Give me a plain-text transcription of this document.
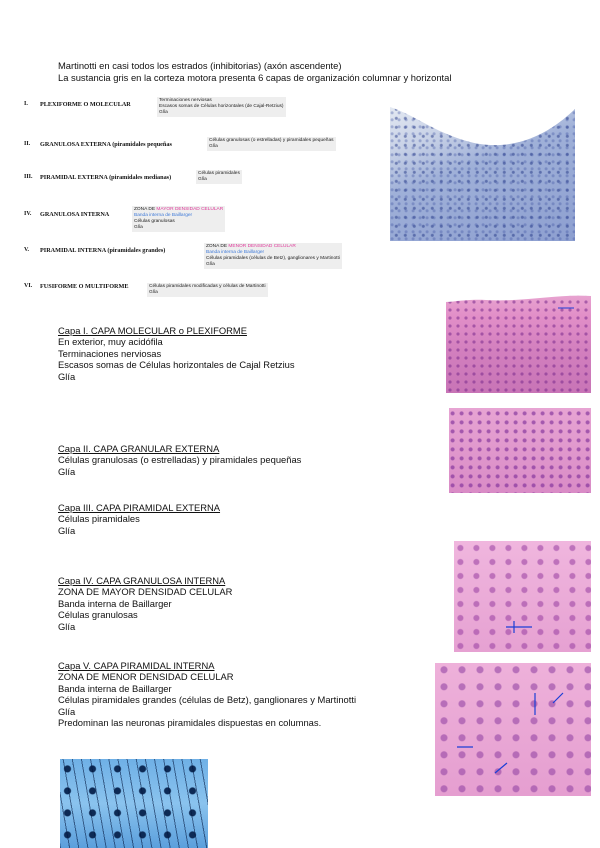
Martinotti en casi todos los estrados (inhibitorias) (axón ascendente)
La sustancia gris en la corteza motora presenta 6 capas de organización columnar y horizontal
I. PLEXIFORME O MOLECULAR
Terminaciones nerviosas
Escasos somas de Células horizontales (de Cajal-Retzius)
Glía
II. GRANULOSA EXTERNA (piramidales pequeñas
Células granulosas (o estrelladas) y piramidales pequeñas
Glía
III. PIRAMIDAL EXTERNA (piramidales medianas)
Células piramidales
Glía
IV. GRANULOSA INTERNA
ZONA DE MAYOR DENSIDAD CELULAR
Banda interna de Baillarger
Células granulosas
Glía
V. PIRAMIDAL INTERNA (piramidales grandes)
ZONA DE MENOR DENSIDAD CELULAR
Banda interna de Baillarger
Células piramidales (células de Betz), ganglionares y Martinotti
Glía
VI. FUSIFORME O MULTIFORME	Células piramidales modificadas y células de Martinotti
Glía
Capa I. CAPA MOLECULAR o PLEXIFORME
En exterior, muy acidófila
Terminaciones nerviosas
Escasos somas de Células horizontales de Cajal Retzius
Glía
Capa II. CAPA GRANULAR EXTERNA
Células granulosas (o estrelladas) y piramidales pequeñas
Glía
Capa III. CAPA PIRAMIDAL EXTERNA
Células piramidales
Glía
Capa IV. CAPA GRANULOSA INTERNA
ZONA DE MAYOR DENSIDAD CELULAR
Banda interna de Baillarger
Células granulosas
Glía
Capa V. CAPA PIRAMIDAL INTERNA
ZONA DE MENOR DENSIDAD CELULAR
Banda interna de Baillarger
Células piramidales grandes (células de Betz), ganglionares y Martinotti
Glía
Predominan las neuronas piramidales dispuestas en columnas.
